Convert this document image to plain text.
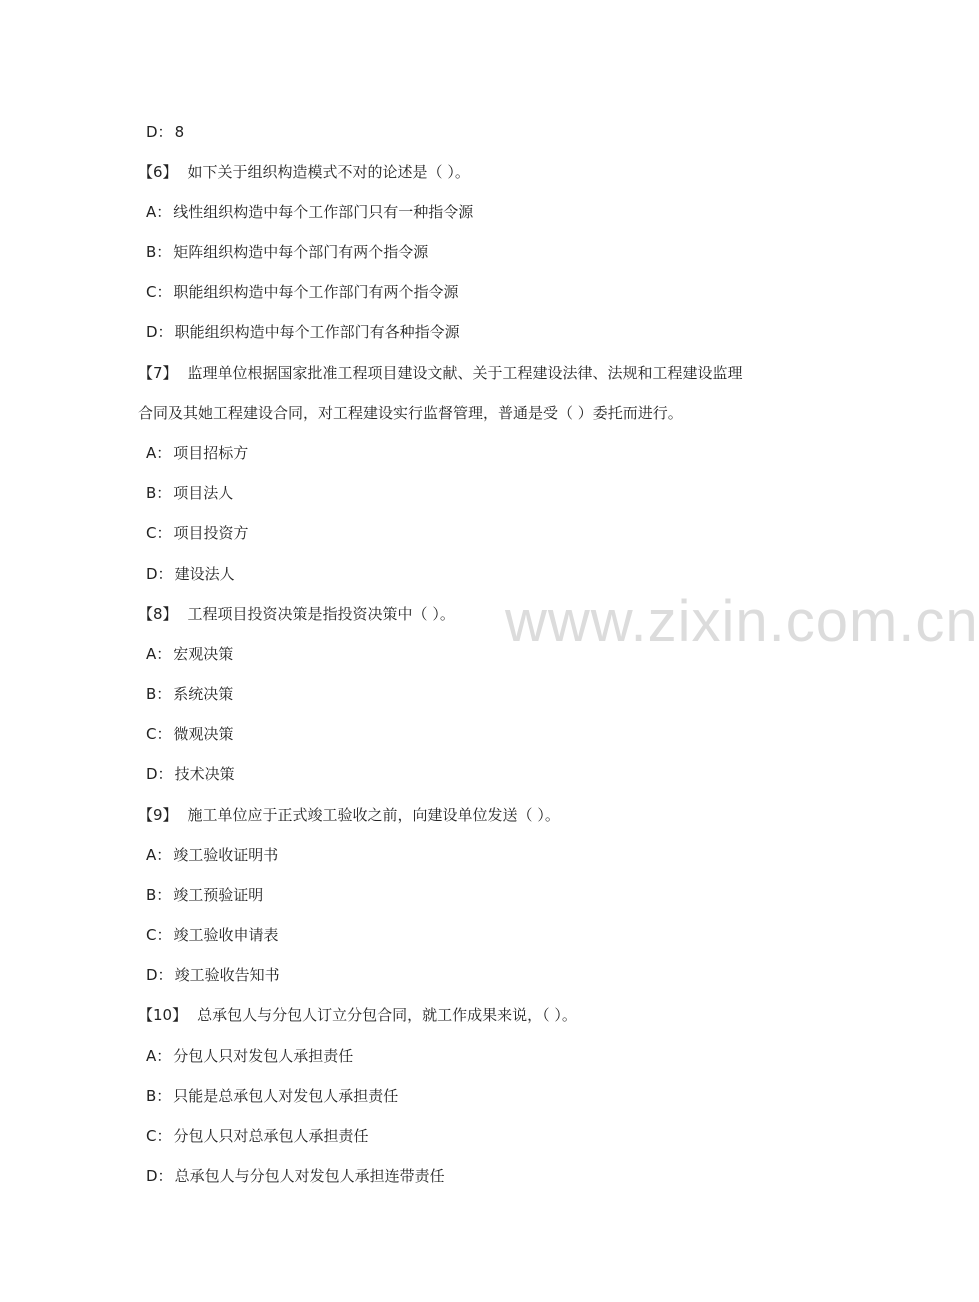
D： 8
【6】 如下关于组织构造模式不对的论述是（ ）。
A： 线性组织构造中每个工作部门只有一种指令源
B： 矩阵组织构造中每个部门有两个指令源
C： 职能组织构造中每个工作部门有两个指令源
D： 职能组织构造中每个工作部门有各种指令源
【7】 监理单位根据国家批准工程项目建设文献、关于工程建设法律、法规和工程建设监理
合同及其她工程建设合同，对工程建设实行监督管理，普通是受（ ）委托而进行。
A： 项目招标方
B： 项目法人
C： 项目投资方
D： 建设法人
【8】 工程项目投资决策是指投资决策中（ ）。
A： 宏观决策
B： 系统决策
C： 微观决策
D： 技术决策
【9】 施工单位应于正式竣工验收之前，向建设单位发送（ ）。
A： 竣工验收证明书
B： 竣工预验证明
C： 竣工验收申请表
D： 竣工验收告知书
【10】 总承包人与分包人订立分包合同，就工作成果来说，（ ）。
A： 分包人只对发包人承担责任
B： 只能是总承包人对发包人承担责任
C： 分包人只对总承包人承担责任
D： 总承包人与分包人对发包人承担连带责任
www.zixin.com.cn
